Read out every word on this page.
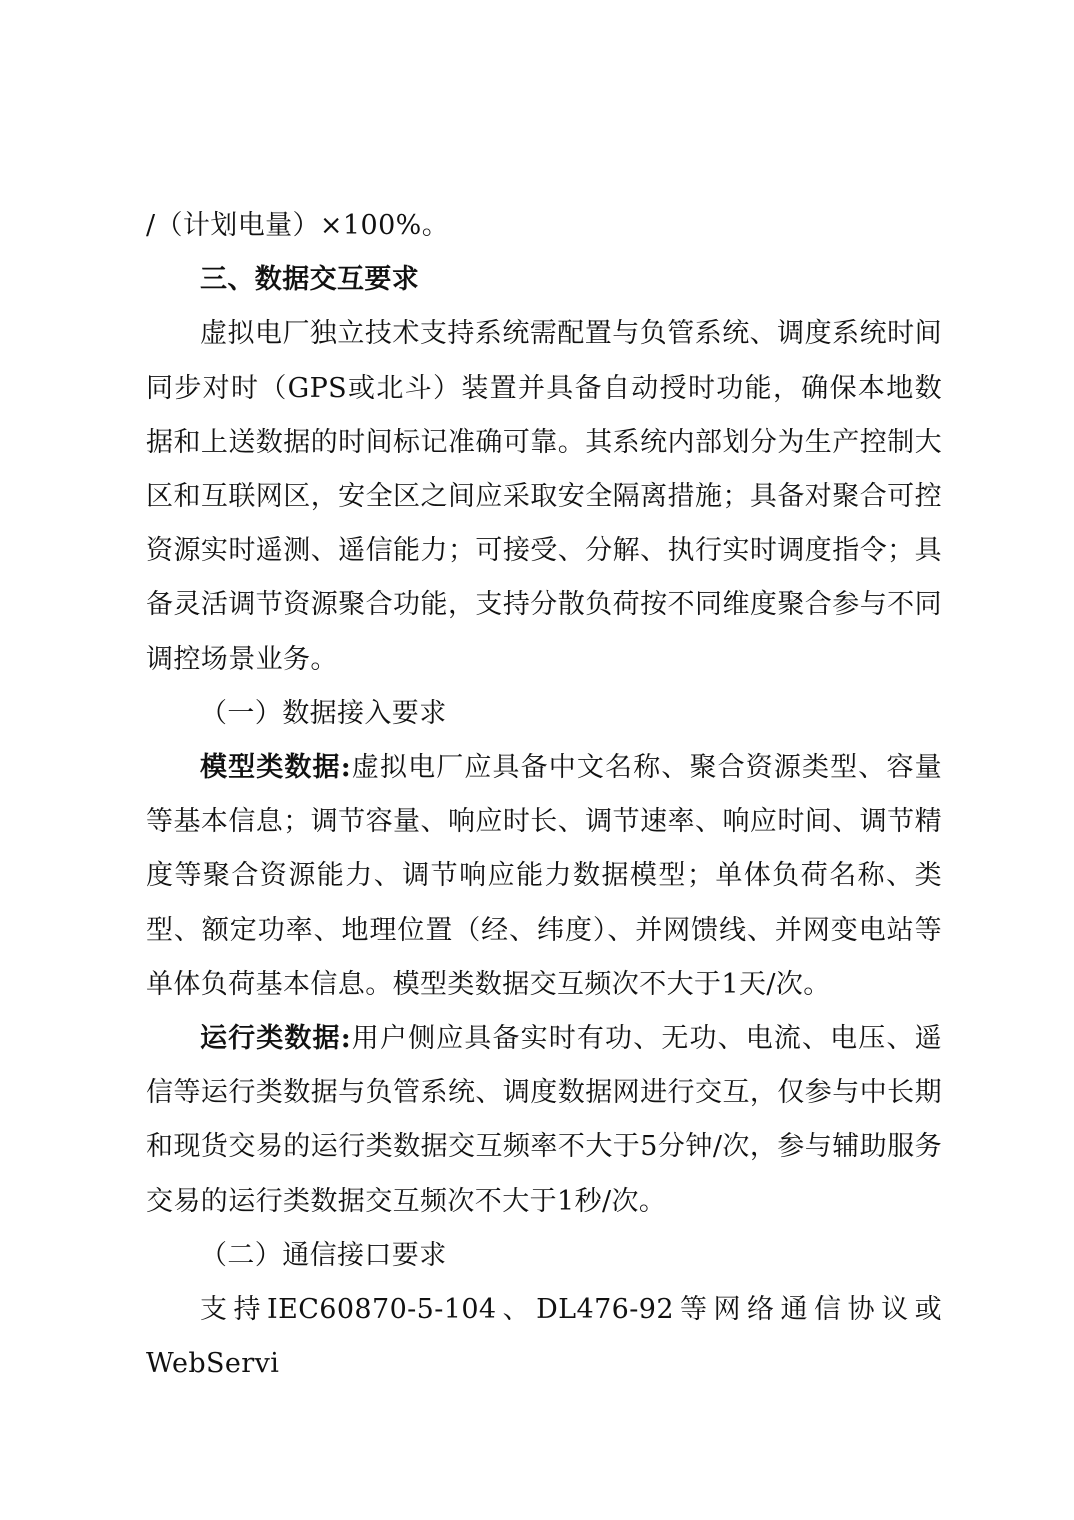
/（计划电量）×100%。

三、数据交互要求

虚拟电厂独立技术支持系统需配置与负管系统、调度系统时间同步对时（GPS或北斗）装置并具备自动授时功能，确保本地数据和上送数据的时间标记准确可靠。其系统内部划分为生产控制大区和互联网区，安全区之间应采取安全隔离措施；具备对聚合可控资源实时遥测、遥信能力；可接受、分解、执行实时调度指令；具备灵活调节资源聚合功能，支持分散负荷按不同维度聚合参与不同调控场景业务。

（一）数据接入要求

模型类数据:虚拟电厂应具备中文名称、聚合资源类型、容量等基本信息；调节容量、响应时长、调节速率、响应时间、调节精度等聚合资源能力、调节响应能力数据模型；单体负荷名称、类型、额定功率、地理位置（经、纬度）、并网馈线、并网变电站等单体负荷基本信息。模型类数据交互频次不大于1天/次。

运行类数据:用户侧应具备实时有功、无功、电流、电压、遥信等运行类数据与负管系统、调度数据网进行交互，仅参与中长期和现货交易的运行类数据交互频率不大于5分钟/次，参与辅助服务交易的运行类数据交互频次不大于1秒/次。

（二）通信接口要求

支持IEC60870-5-104、DL476-92等网络通信协议或WebServi
